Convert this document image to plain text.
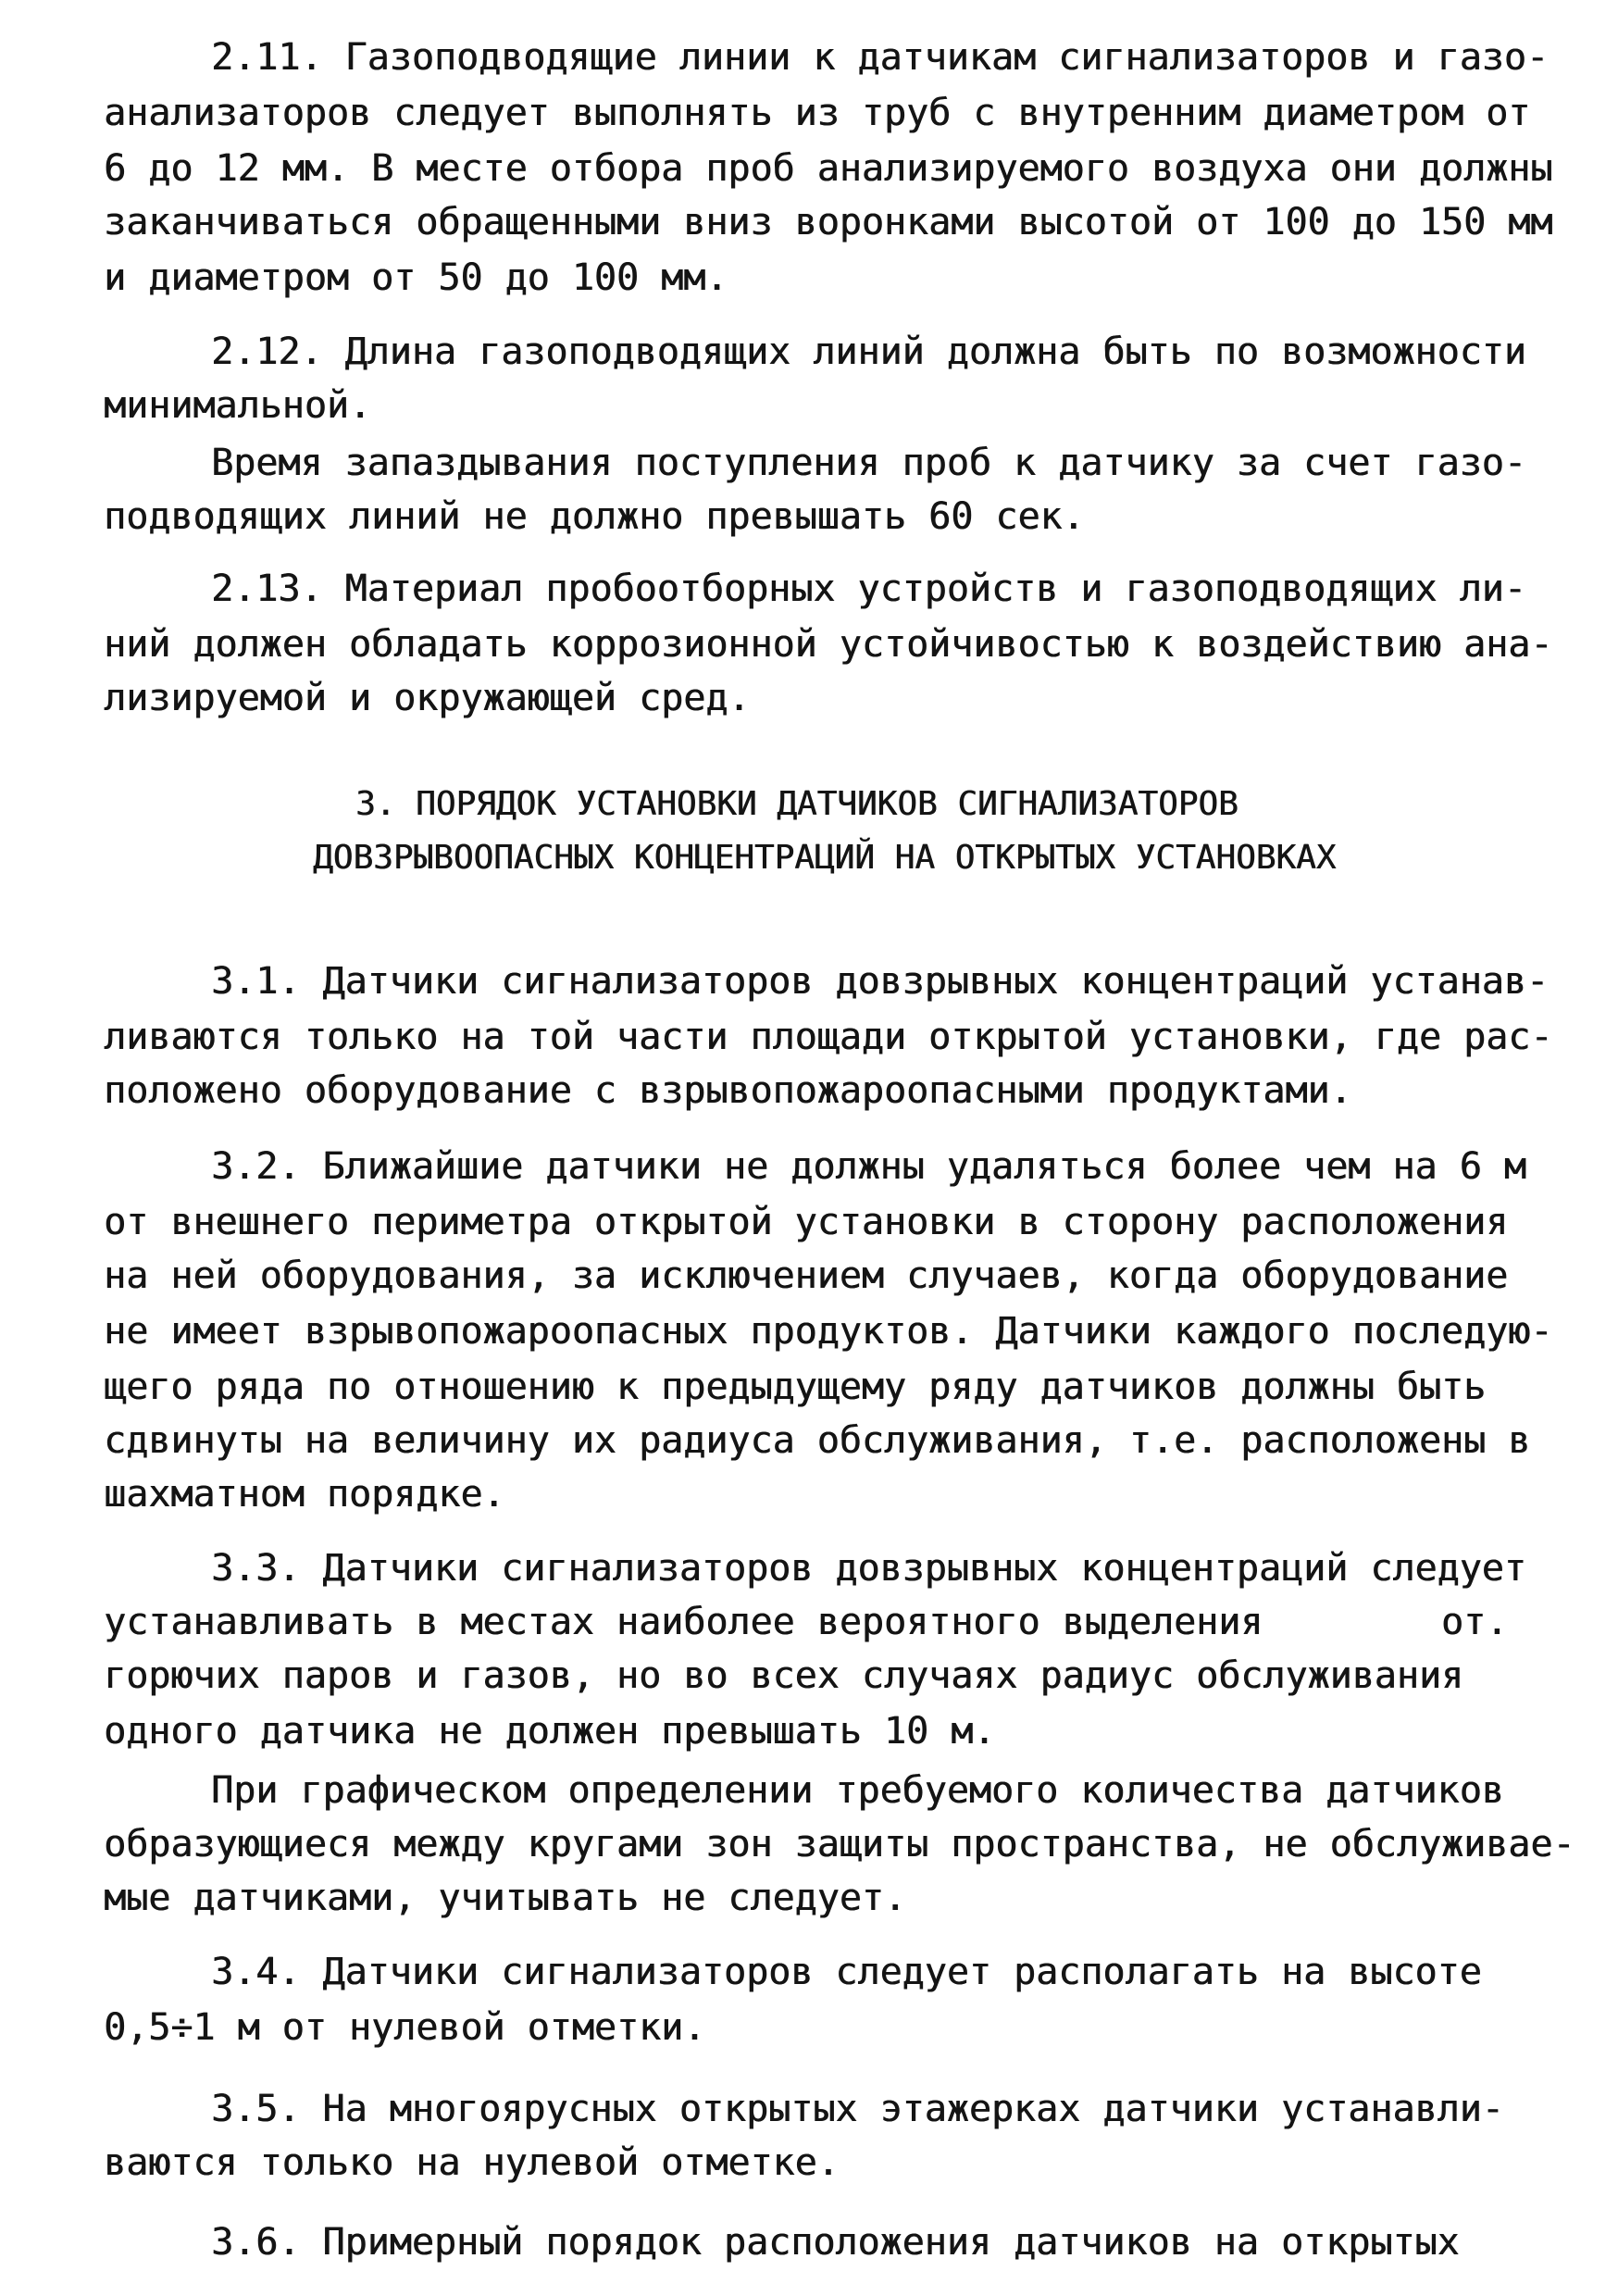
2.11. Газоподводящие линии к датчикам сигнализаторов и газо-
анализаторов следует выполнять из труб с внутренним диаметром от
6 до 12 мм. В месте отбора проб анализируемого воздуха они должны
заканчиваться обращенными вниз воронками высотой от 100 до 150 мм
и диаметром от 50 до 100 мм.
2.12. Длина газоподводящих линий должна быть по возможности
минимальной.
Время запаздывания поступления проб к датчику за счет газо-
подводящих линий не должно превышать 60 сек.
2.13. Материал пробоотборных устройств и газоподводящих ли-
ний должен обладать коррозионной устойчивостью к воздействию ана-
лизируемой и окружающей сред.
3. ПОРЯДОК УСТАНОВКИ ДАТЧИКОВ СИГНАЛИЗАТОРОВ
ДОВЗРЫВООПАСНЫХ КОНЦЕНТРАЦИЙ НА ОТКРЫТЫХ УСТАНОВКАХ
3.1. Датчики сигнализаторов довзрывных концентраций устанав-
ливаются только на той части площади открытой установки, где рас-
положено оборудование с взрывопожароопасными продуктами.
3.2. Ближайшие датчики не должны удаляться более чем на 6 м
от внешнего периметра открытой установки в сторону расположения
на ней оборудования, за исключением случаев, когда оборудование
не имеет взрывопожароопасных продуктов. Датчики каждого последую-
щего ряда по отношению к предыдущему ряду датчиков должны быть
сдвинуты на величину их радиуса обслуживания, т.е. расположены в
шахматном порядке.
3.3. Датчики сигнализаторов довзрывных концентраций следует
устанавливать в местах наиболее вероятного выделения        от.
горючих паров и газов, но во всех случаях радиус обслуживания
одного датчика не должен превышать 10 м.
При графическом определении требуемого количества датчиков
образующиеся между кругами зон защиты пространства, не обслуживае-
мые датчиками, учитывать не следует.
3.4. Датчики сигнализаторов следует располагать на высоте
0,5÷1 м от нулевой отметки.
3.5. На многоярусных открытых этажерках датчики устанавли-
ваются только на нулевой отметке.
3.6. Примерный порядок расположения датчиков на открытых
